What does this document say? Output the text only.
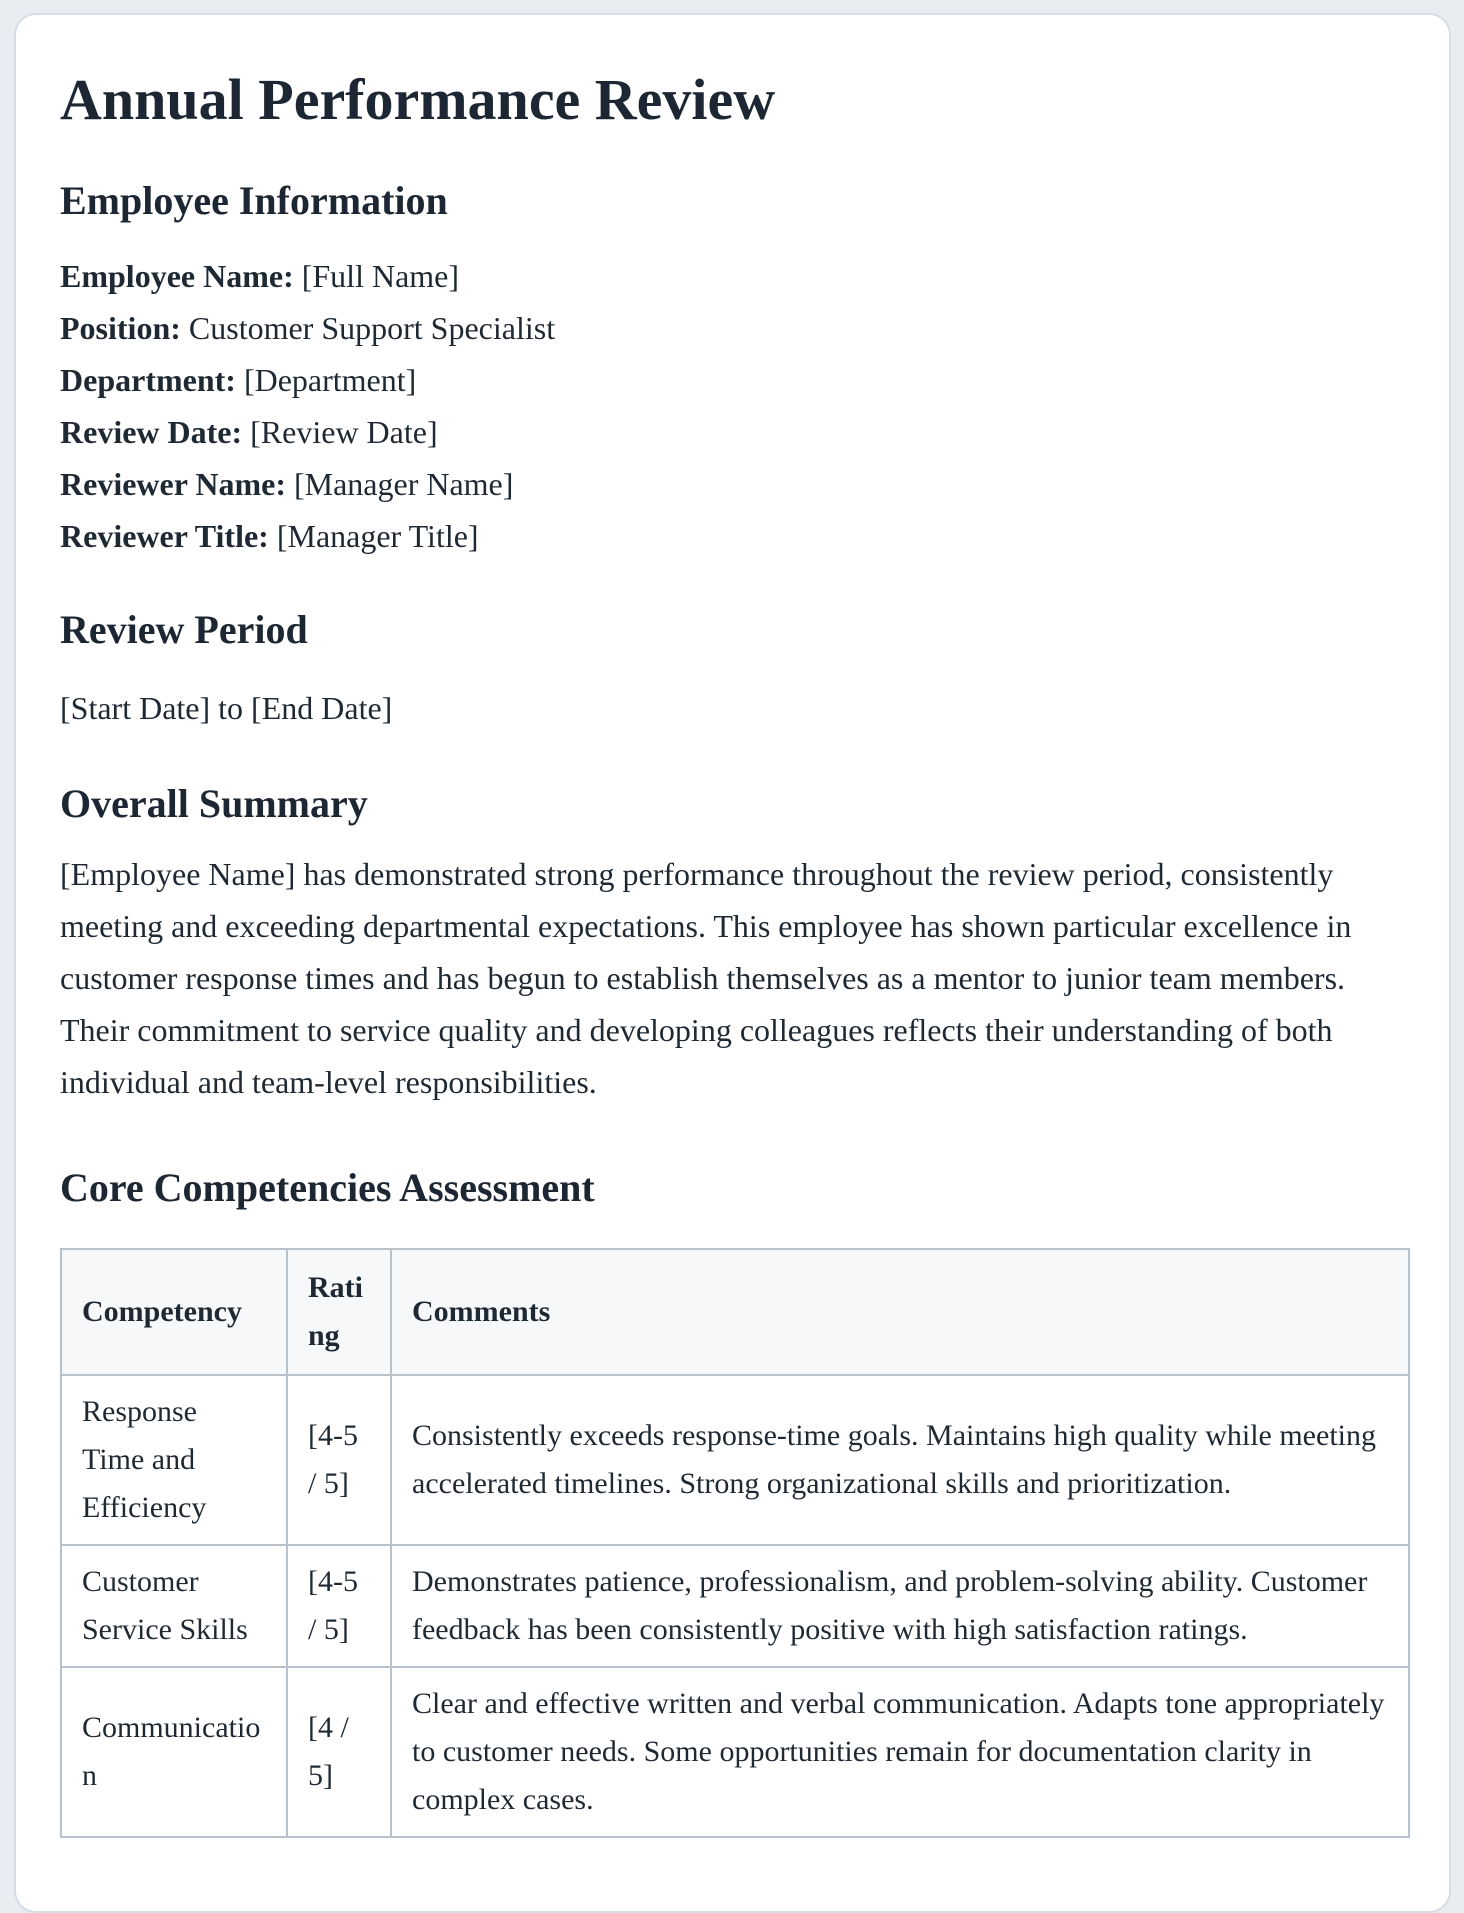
Annual Performance Review
Employee Information
Employee Name: [Full Name]
Position: Customer Support Specialist
Department: [Department]
Review Date: [Review Date]
Reviewer Name: [Manager Name]
Reviewer Title: [Manager Title]
Review Period
[Start Date] to [End Date]
Overall Summary
[Employee Name] has demonstrated strong performance throughout the review period, consistently meeting and exceeding departmental expectations. This employee has shown particular excellence in customer response times and has begun to establish themselves as a mentor to junior team members. Their commitment to service quality and developing colleagues reflects their understanding of both individual and team-level responsibilities.
Core Competencies Assessment
Competency	Rating	Comments
Response Time and Efficiency	[4-5 / 5]	Consistently exceeds response-time goals. Maintains high quality while meeting accelerated timelines. Strong organizational skills and prioritization.
Customer Service Skills	[4-5 / 5]	Demonstrates patience, professionalism, and problem-solving ability. Customer feedback has been consistently positive with high satisfaction ratings.
Communication	[4 / 5]	Clear and effective written and verbal communication. Adapts tone appropriately to customer needs. Some opportunities remain for documentation clarity in complex cases.
